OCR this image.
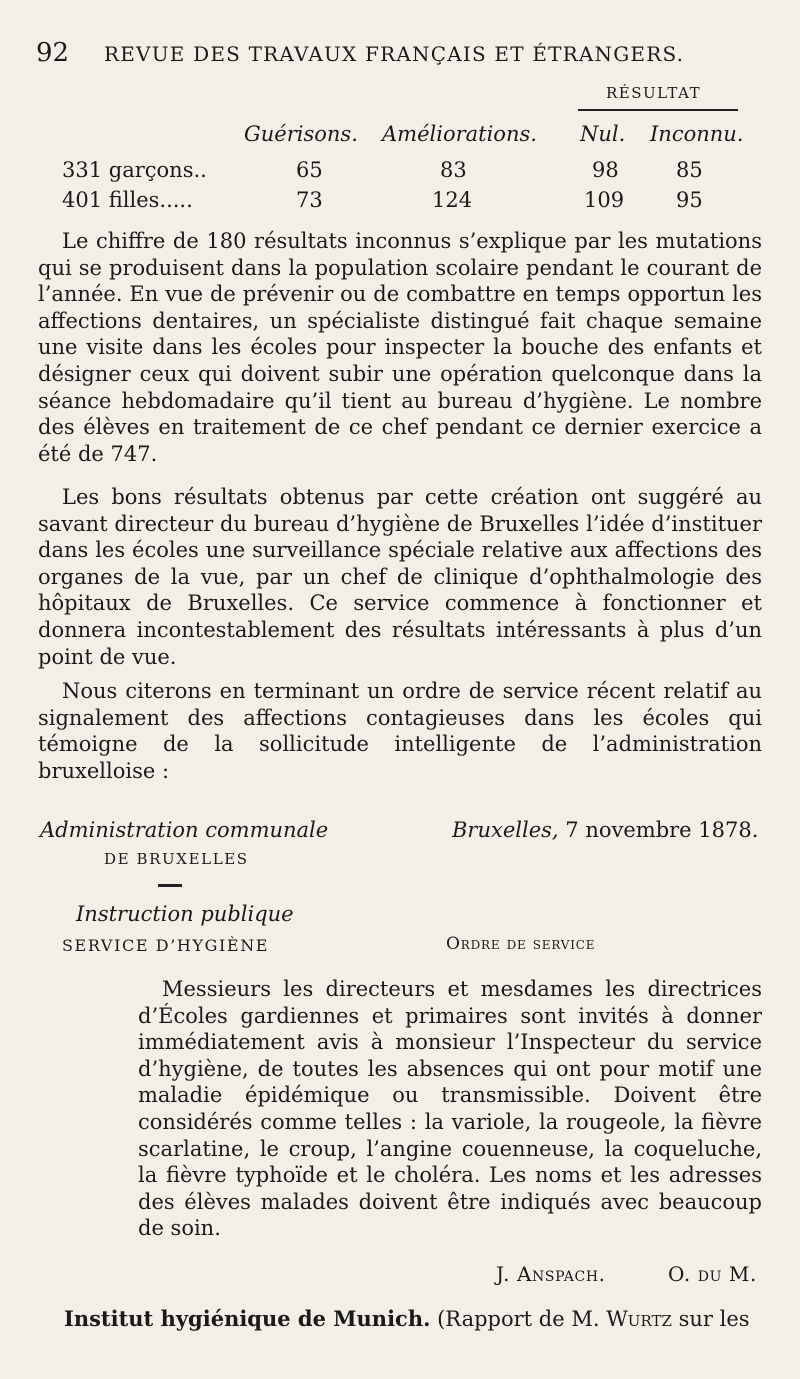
92 REVUE DES TRAVAUX FRANÇAIS ET ÉTRANGERS.
RÉSULTAT
Guérisons. Améliorations. Nul. Inconnu.
331 garçons..	65	83	98	85
401 filles.....	73	124	109 95

Le chiffre de 180 résultats inconnus s’explique par les mutations qui se produisent dans la population scolaire pendant le courant de l’année. En vue de prévenir ou de combattre en temps opportun les affections dentaires, un spécialiste distingué fait chaque semaine une visite dans les écoles pour inspecter la bouche des enfants et désigner ceux qui doivent subir une opération quelconque dans la séance hebdomadaire qu’il tient au bureau d’hygiène. Le nombre des élèves en traitement de ce chef pendant ce dernier exercice a été de 747.

Les bons résultats obtenus par cette création ont suggéré au savant directeur du bureau d’hygiène de Bruxelles l’idée d’instituer dans les écoles une surveillance spéciale relative aux affections des organes de la vue, par un chef de clinique d’ophthalmologie des hôpitaux de Bruxelles. Ce service commence à fonctionner et donnera incontestablement des résultats intéressants à plus d’un point de vue.

Nous citerons en terminant un ordre de service récent relatif au signalement des affections contagieuses dans les écoles qui témoigne de la sollicitude intelligente de l’administration bruxelloise :

Administration communale	Bruxelles, 7 novembre 1878.
DE BRUXELLES
Instruction publique
SERVICE D’HYGIÈNE	Ordre de service

Messieurs les directeurs et mesdames les directrices d’Écoles gardiennes et primaires sont invités à donner immédiatement avis à monsieur l’Inspecteur du service d’hygiène, de toutes les absences qui ont pour motif une maladie épidémique ou transmissible. Doivent être considérés comme telles : la variole, la rougeole, la fièvre scarlatine, le croup, l’angine couenneuse, la coqueluche, la fièvre typhoïde et le choléra. Les noms et les adresses des élèves malades doivent être indiqués avec beaucoup de soin.

J. Anspach.	O. du M.
Institut hygiénique de Munich. (Rapport de M. Wurtz sur les
